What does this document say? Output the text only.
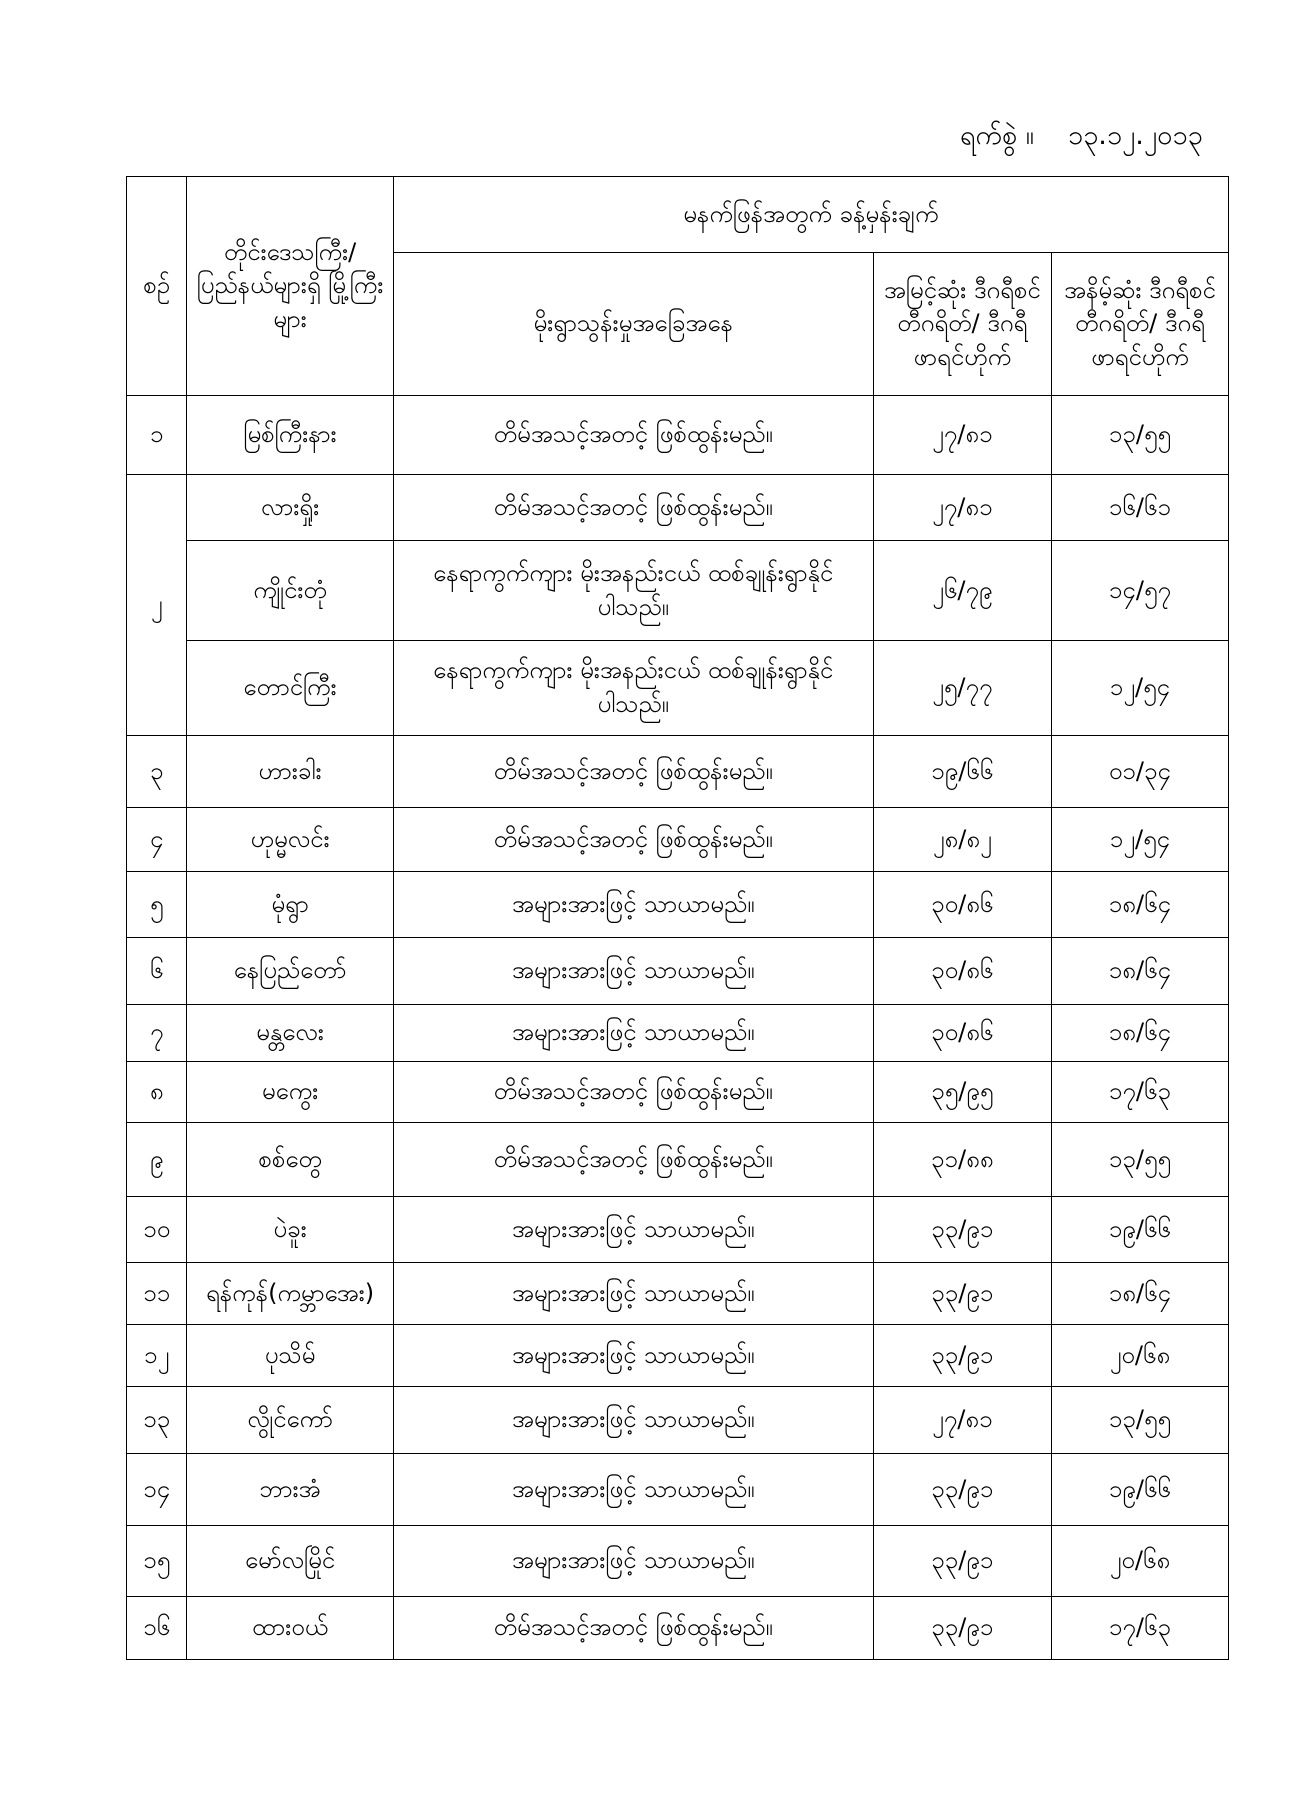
ရက်စွဲ ။ ၁၃.၁၂.၂၀၁၃
စဉ်	တိုင်းဒေသကြီး/ ပြည်နယ်များရှိ မြို့ကြီးများ	မနက်ဖြန်အတွက် ခန့်မှန်းချက်		
		မိုးရွာသွန်းမှုအခြေအနေ	အမြင့်ဆုံး ဒီဂရီစင်တီဂရိတ်/ ဒီဂရီဖာရင်ဟိုက်	အနိမ့်ဆုံး ဒီဂရီစင်တီဂရိတ်/ ဒီဂရီဖာရင်ဟိုက်
၁	မြစ်ကြီးနား	တိမ်အသင့်အတင့် ဖြစ်ထွန်းမည်။	၂၇/၈၁	၁၃/၅၅
၂	လားရှိုး	တိမ်အသင့်အတင့် ဖြစ်ထွန်းမည်။	၂၇/၈၁	၁၆/၆၁
	ကျိုင်းတုံ	နေရာကွက်ကျား မိုးအနည်းငယ် ထစ်ချုန်းရွာနိုင်ပါသည်။	၂၆/၇၉	၁၄/၅၇
	တောင်ကြီး	နေရာကွက်ကျား မိုးအနည်းငယ် ထစ်ချုန်းရွာနိုင်ပါသည်။	၂၅/၇၇	၁၂/၅၄
၃	ဟားခါး	တိမ်အသင့်အတင့် ဖြစ်ထွန်းမည်။	၁၉/၆၆	၀၁/၃၄
၄	ဟုမ္မလင်း	တိမ်အသင့်အတင့် ဖြစ်ထွန်းမည်။	၂၈/၈၂	၁၂/၅၄
၅	မုံရွာ	အများအားဖြင့် သာယာမည်။	၃၀/၈၆	၁၈/၆၄
၆	နေပြည်တော်	အများအားဖြင့် သာယာမည်။	၃၀/၈၆	၁၈/၆၄
၇	မန္တလေး	အများအားဖြင့် သာယာမည်။	၃၀/၈၆	၁၈/၆၄
၈	မကွေး	တိမ်အသင့်အတင့် ဖြစ်ထွန်းမည်။	၃၅/၉၅	၁၇/၆၃
၉	စစ်တွေ	တိမ်အသင့်အတင့် ဖြစ်ထွန်းမည်။	၃၁/၈၈	၁၃/၅၅
၁၀	ပဲခူး	အများအားဖြင့် သာယာမည်။	၃၃/၉၁	၁၉/၆၆
၁၁	ရန်ကုန်(ကမ္ဘာအေး)	အများအားဖြင့် သာယာမည်။	၃၃/၉၁	၁၈/၆၄
၁၂	ပုသိမ်	အများအားဖြင့် သာယာမည်။	၃၃/၉၁	၂၀/၆၈
၁၃	လွိုင်ကော်	အများအားဖြင့် သာယာမည်။	၂၇/၈၁	၁၃/၅၅
၁၄	ဘားအံ	အများအားဖြင့် သာယာမည်။	၃၃/၉၁	၁၉/၆၆
၁၅	မော်လမြိုင်	အများအားဖြင့် သာယာမည်။	၃၃/၉၁	၂၀/၆၈
၁၆	ထားဝယ်	တိမ်အသင့်အတင့် ဖြစ်ထွန်းမည်။	၃၃/၉၁	၁၇/၆၃
